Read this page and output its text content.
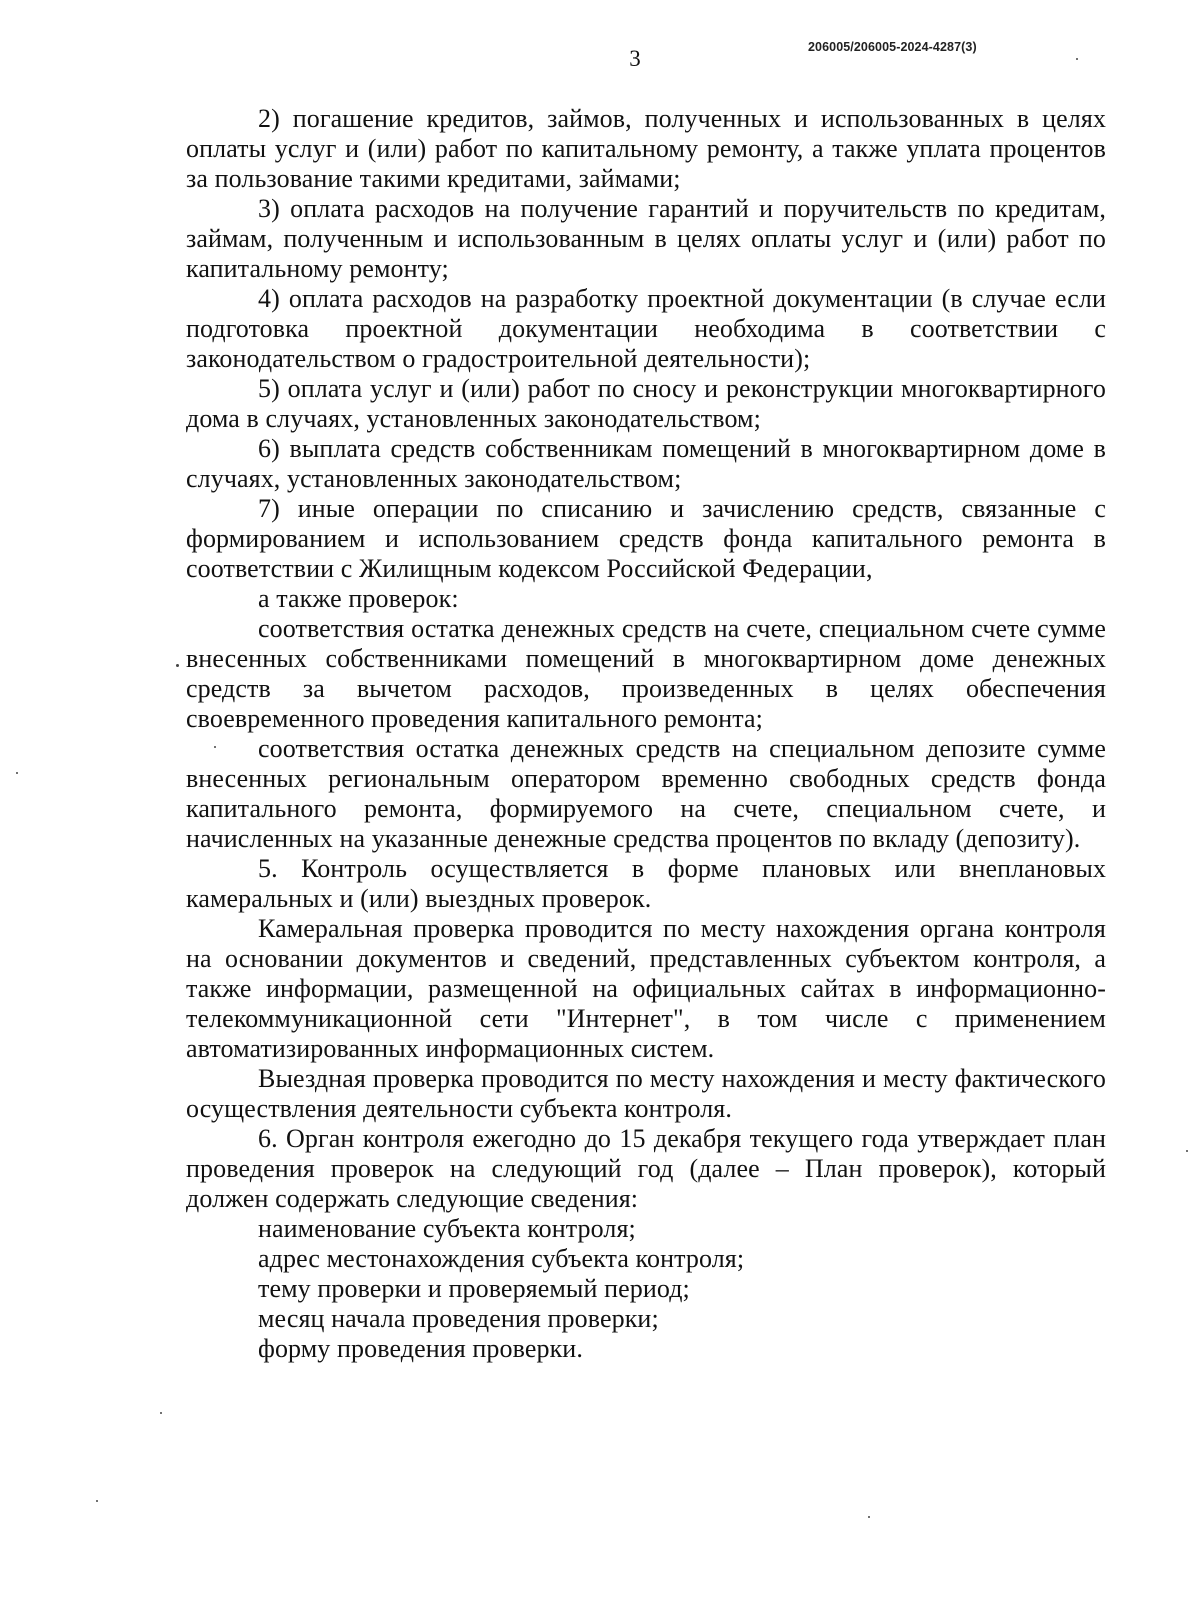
3	206005/206005-2024-4287(3)

2) погашение кредитов, займов, полученных и использованных в целях оплаты услуг и (или) работ по капитальному ремонту, а также уплата процентов за пользование такими кредитами, займами;

3) оплата расходов на получение гарантий и поручительств по кредитам, займам, полученным и использованным в целях оплаты услуг и (или) работ по капитальному ремонту;

4) оплата расходов на разработку проектной документации (в случае если подготовка проектной документации необходима в соответствии с законодательством о градостроительной деятельности);

5) оплата услуг и (или) работ по сносу и реконструкции многоквартирного дома в случаях, установленных законодательством;

6) выплата средств собственникам помещений в многоквартирном доме в случаях, установленных законодательством;

7) иные операции по списанию и зачислению средств, связанные с формированием и использованием средств фонда капитального ремонта в соответствии с Жилищным кодексом Российской Федерации,

а также проверок:

соответствия остатка денежных средств на счете, специальном счете сумме внесенных собственниками помещений в многоквартирном доме денежных средств за вычетом расходов, произведенных в целях обеспечения своевременного проведения капитального ремонта;

соответствия остатка денежных средств на специальном депозите сумме внесенных региональным оператором временно свободных средств фонда капитального ремонта, формируемого на счете, специальном счете, и начисленных на указанные денежные средства процентов по вкладу (депозиту).

5. Контроль осуществляется в форме плановых или внеплановых камеральных и (или) выездных проверок.

Камеральная проверка проводится по месту нахождения органа контроля на основании документов и сведений, представленных субъектом контроля, а также информации, размещенной на официальных сайтах в информационно-телекоммуникационной сети "Интернет", в том числе с применением автоматизированных информационных систем.

Выездная проверка проводится по месту нахождения и месту фактического осуществления деятельности субъекта контроля.

6. Орган контроля ежегодно до 15 декабря текущего года утверждает план проведения проверок на следующий год (далее – План проверок), который должен содержать следующие сведения:

наименование субъекта контроля;

адрес местонахождения субъекта контроля;

тему проверки и проверяемый период;

месяц начала проведения проверки;

форму проведения проверки.
